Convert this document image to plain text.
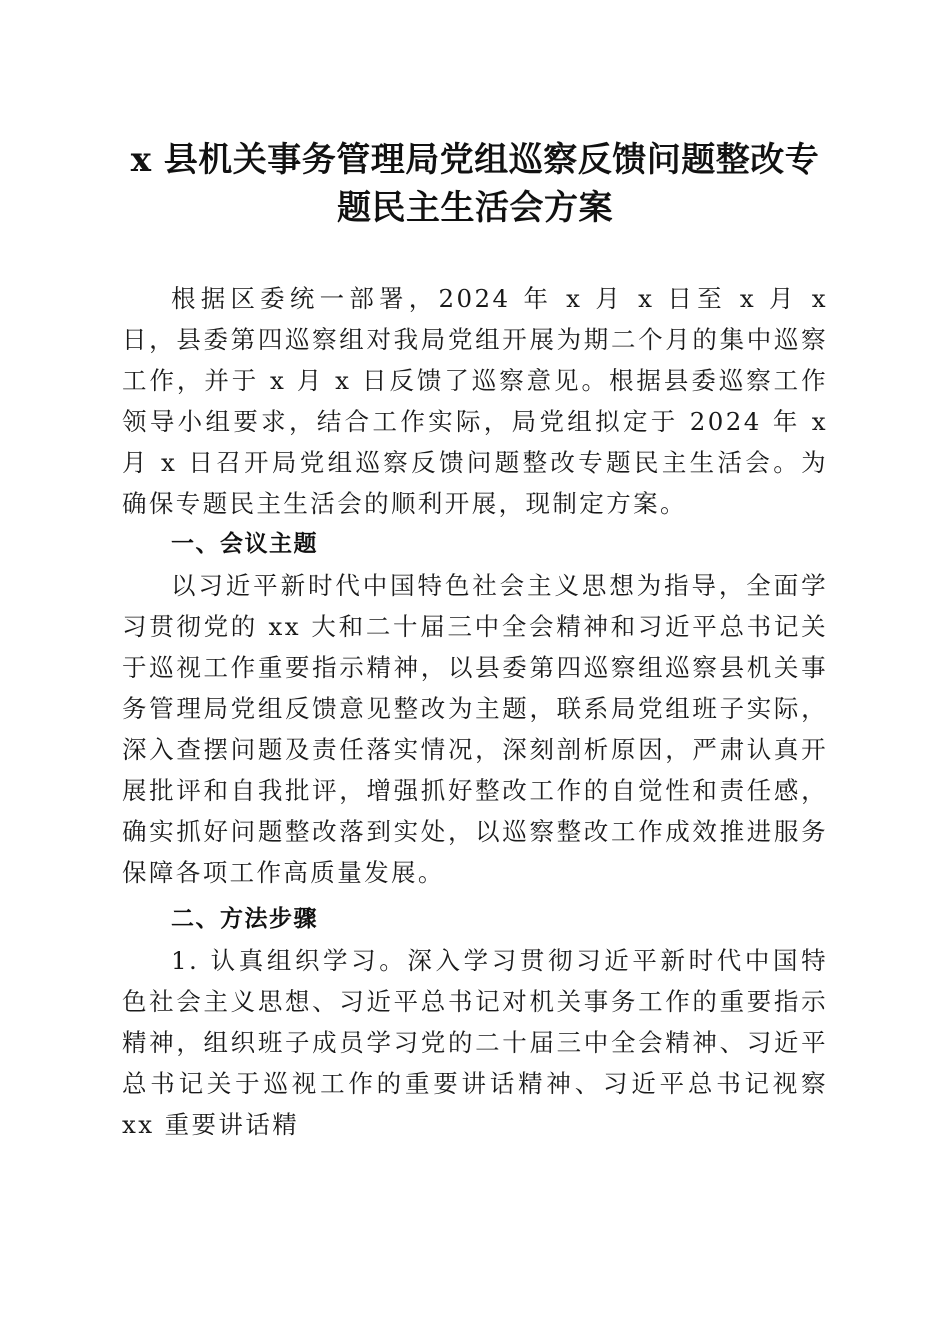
x 县机关事务管理局党组巡察反馈问题整改专
题民主生活会方案

根据区委统一部署，2024 年 x 月 x 日至 x 月 x 日，县委第四巡察组对我局党组开展为期二个月的集中巡察工作，并于 x 月 x 日反馈了巡察意见。根据县委巡察工作领导小组要求，结合工作实际，局党组拟定于 2024 年 x 月 x 日召开局党组巡察反馈问题整改专题民主生活会。为确保专题民主生活会的顺利开展，现制定方案。

一、会议主题

以习近平新时代中国特色社会主义思想为指导，全面学习贯彻党的 xx 大和二十届三中全会精神和习近平总书记关于巡视工作重要指示精神，以县委第四巡察组巡察县机关事务管理局党组反馈意见整改为主题，联系局党组班子实际，深入查摆问题及责任落实情况，深刻剖析原因，严肃认真开展批评和自我批评，增强抓好整改工作的自觉性和责任感，确实抓好问题整改落到实处，以巡察整改工作成效推进服务保障各项工作高质量发展。

二、方法步骤

1. 认真组织学习。深入学习贯彻习近平新时代中国特色社会主义思想、习近平总书记对机关事务工作的重要指示精神，组织班子成员学习党的二十届三中全会精神、习近平总书记关于巡视工作的重要讲话精神、习近平总书记视察 xx 重要讲话精
